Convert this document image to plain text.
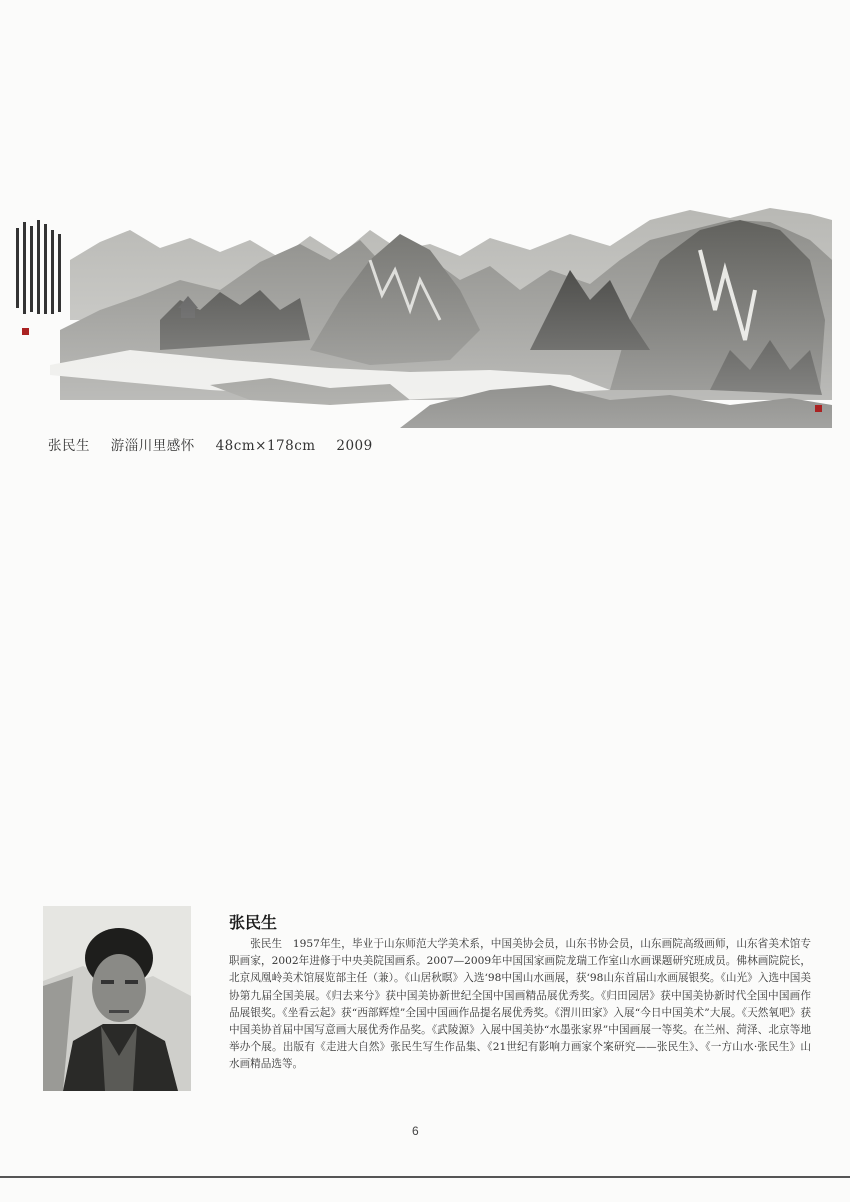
张民生 游淄川里感怀 48cm×178cm 2009
张民生

张民生　1957年生，毕业于山东师范大学美术系，中国美协会员，山东书协会员，山东画院高级画师，山东省美术馆专职画家，2002年进修于中央美院国画系。2007—2009年中国国家画院龙瑞工作室山水画课题研究班成员。佛林画院院长，北京凤凰岭美术馆展览部主任（兼）。《山居秋暝》入选‘98中国山水画展，获‘98山东首届山水画展银奖。《山光》入选中国美协第九届全国美展。《归去来兮》获中国美协新世纪全国中国画精品展优秀奖。《归田园居》获中国美协新时代全国中国画作品展银奖。《坐看云起》获“西部辉煌”全国中国画作品提名展优秀奖。《渭川田家》入展“今日中国美术”大展。《天然氧吧》获中国美协首届中国写意画大展优秀作品奖。《武陵源》入展中国美协“水墨张家界”中国画展一等奖。在兰州、菏泽、北京等地举办个展。出版有《走进大自然》张民生写生作品集、《21世纪有影响力画家个案研究——张民生》、《一方山水·张民生》山水画精品选等。

6
